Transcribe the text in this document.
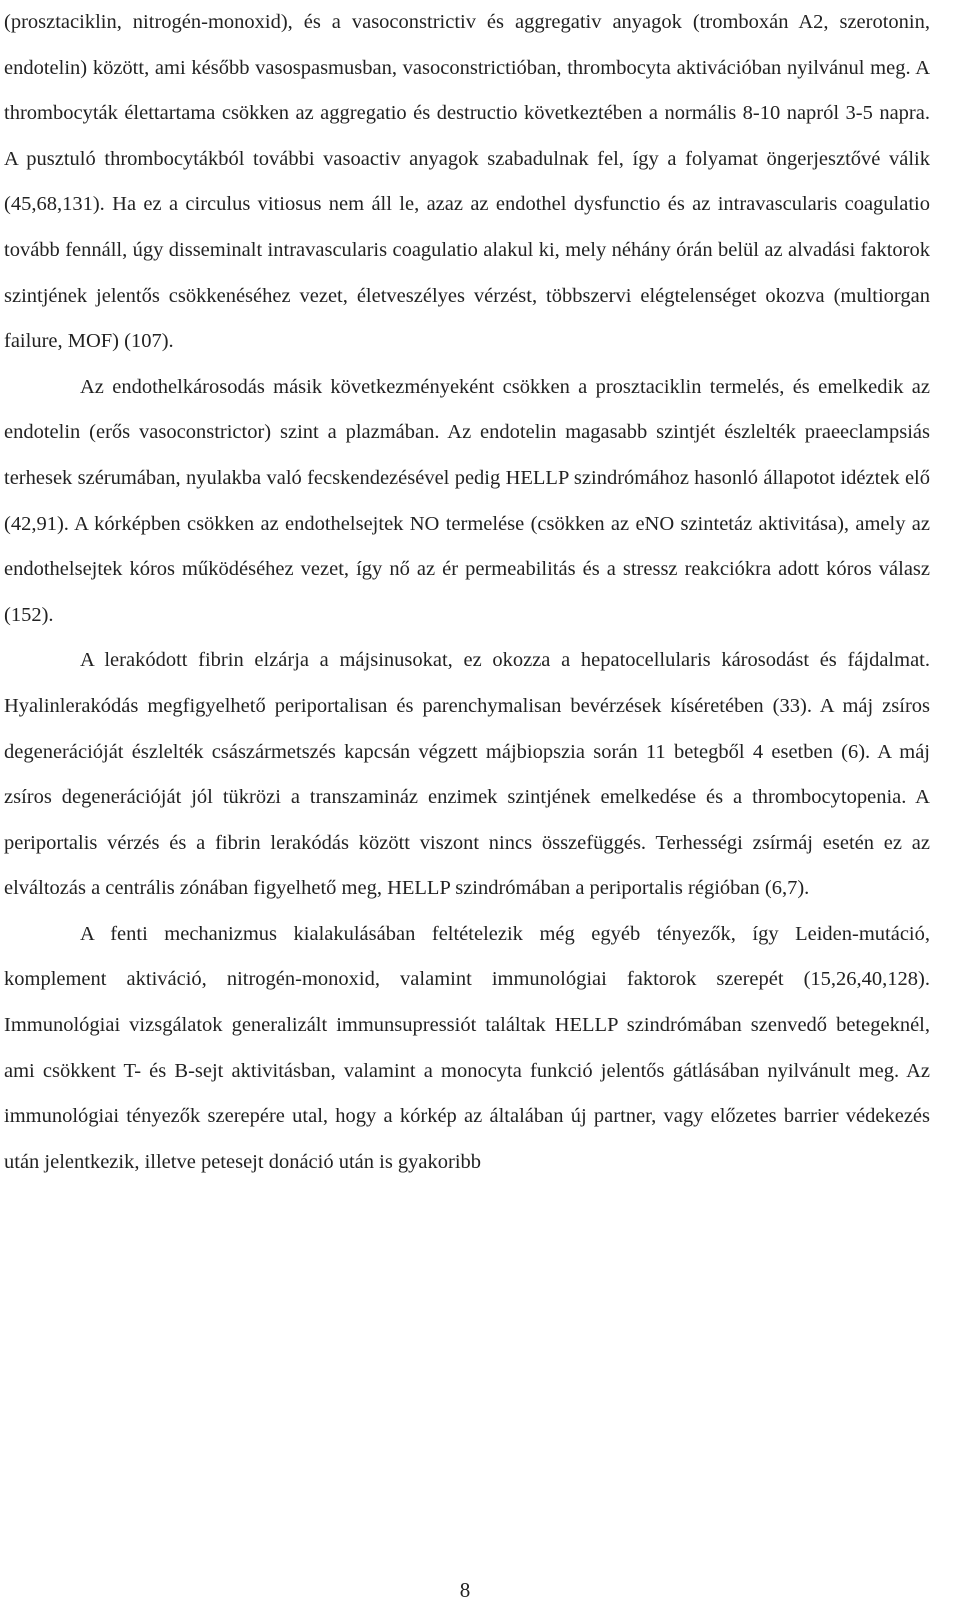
(prosztaciklin, nitrogén-monoxid), és a vasoconstrictiv és aggregativ anyagok (tromboxán A2, szerotonin, endotelin) között, ami később vasospasmusban, vasoconstrictióban, thrombocyta aktivációban nyilvánul meg. A thrombocyták élettartama csökken az aggregatio és destructio következtében a normális 8-10 napról 3-5 napra. A pusztuló thrombocytákból további vasoactiv anyagok szabadulnak fel, így a folyamat öngerjesztővé válik (45,68,131). Ha ez a circulus vitiosus nem áll le, azaz az endothel dysfunctio és az intravascularis coagulatio tovább fennáll, úgy disseminalt intravascularis coagulatio alakul ki, mely néhány órán belül az alvadási faktorok szintjének jelentős csökkenéséhez vezet, életveszélyes vérzést, többszervi elégtelenséget okozva (multiorgan failure, MOF) (107).

Az endothelkárosodás másik következményeként csökken a prosztaciklin termelés, és emelkedik az endotelin (erős vasoconstrictor) szint a plazmában. Az endotelin magasabb szintjét észlelték praeeclampsiás terhesek szérumában, nyulakba való fecskendezésével pedig HELLP szindrómához hasonló állapotot idéztek elő (42,91). A kórképben csökken az endothelsejtek NO termelése (csökken az eNO szintetáz aktivitása), amely az endothelsejtek kóros működéséhez vezet, így nő az ér permeabilitás és a stressz reakciókra adott kóros válasz (152).

A lerakódott fibrin elzárja a májsinusokat, ez okozza a hepatocellularis károsodást és fájdalmat. Hyalinlerakódás megfigyelhető periportalisan és parenchymalisan bevérzések kíséretében (33). A máj zsíros degenerációját észlelték császármetszés kapcsán végzett májbiopszia során 11 betegből 4 esetben (6). A máj zsíros degenerációját jól tükrözi a transzamináz enzimek szintjének emelkedése és a thrombocytopenia. A periportalis vérzés és a fibrin lerakódás között viszont nincs összefüggés. Terhességi zsírmáj esetén ez az elváltozás a centrális zónában figyelhető meg, HELLP szindrómában a periportalis régióban (6,7).

A fenti mechanizmus kialakulásában feltételezik még egyéb tényezők, így Leiden-mutáció, komplement aktiváció, nitrogén-monoxid, valamint immunológiai faktorok szerepét (15,26,40,128). Immunológiai vizsgálatok generalizált immunsupressiót találtak HELLP szindrómában szenvedő betegeknél, ami csökkent T- és B-sejt aktivitásban, valamint a monocyta funkció jelentős gátlásában nyilvánult meg. Az immunológiai tényezők szerepére utal, hogy a kórkép az általában új partner, vagy előzetes barrier védekezés után jelentkezik, illetve petesejt donáció után is gyakoribb

8
